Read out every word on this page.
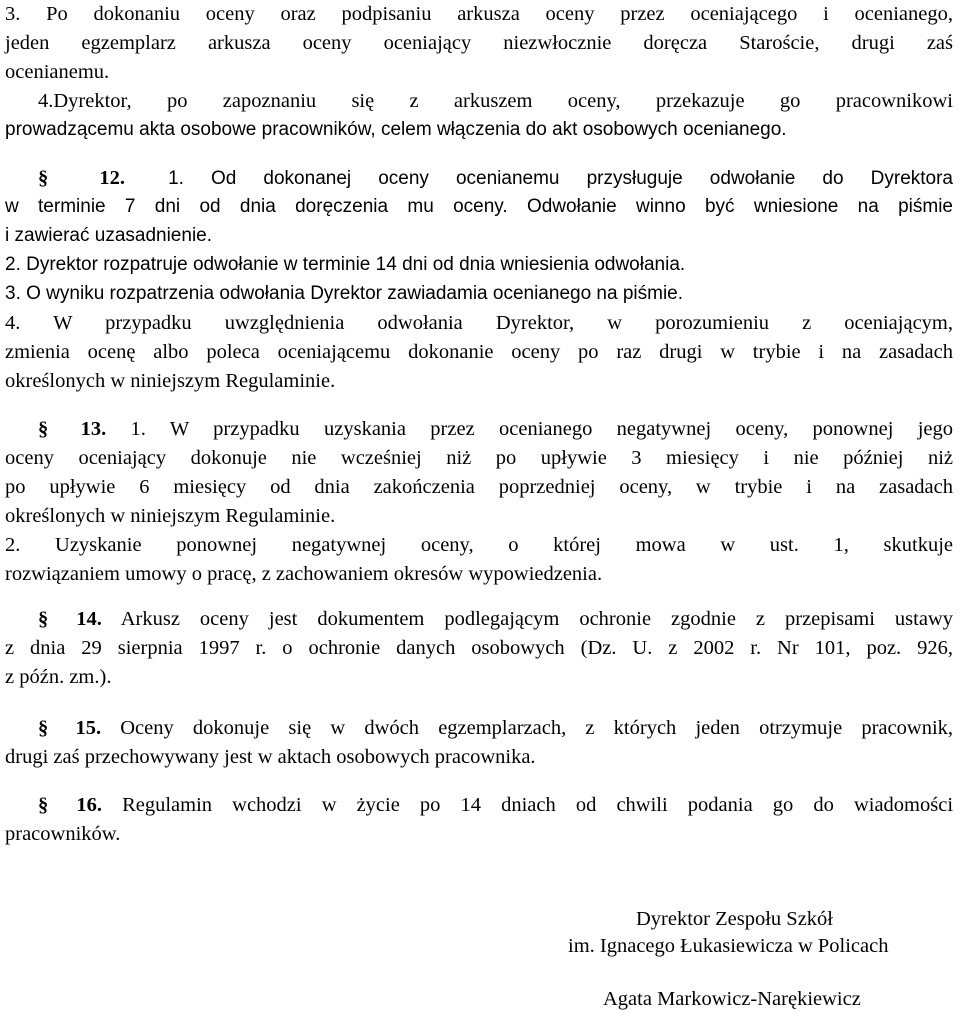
3. Po dokonaniu oceny oraz podpisaniu arkusza oceny przez oceniającego i ocenianego,
jeden egzemplarz arkusza oceny oceniający niezwłocznie doręcza Staroście, drugi zaś
ocenianemu.
4.Dyrektor, po zapoznaniu się z arkuszem oceny, przekazuje go pracownikowi
prowadzącemu akta osobowe pracowników, celem włączenia do akt osobowych ocenianego.
§ 12. 1. Od dokonanej oceny ocenianemu przysługuje odwołanie do Dyrektora
w terminie 7 dni od dnia doręczenia mu oceny. Odwołanie winno być wniesione na piśmie
i zawierać uzasadnienie.
2. Dyrektor rozpatruje odwołanie w terminie 14 dni od dnia wniesienia odwołania.
3. O wyniku rozpatrzenia odwołania Dyrektor zawiadamia ocenianego na piśmie.
4. W przypadku uwzględnienia odwołania Dyrektor, w porozumieniu z oceniającym,
zmienia ocenę albo poleca oceniającemu dokonanie oceny po raz drugi w trybie i na zasadach
określonych w niniejszym Regulaminie.
§ 13. 1. W przypadku uzyskania przez ocenianego negatywnej oceny, ponownej jego
oceny oceniający dokonuje nie wcześniej niż po upływie 3 miesięcy i nie później niż
po upływie 6 miesięcy od dnia zakończenia poprzedniej oceny, w trybie i na zasadach
określonych w niniejszym Regulaminie.
2. Uzyskanie ponownej negatywnej oceny, o której mowa w ust. 1, skutkuje
rozwiązaniem umowy o pracę, z zachowaniem okresów wypowiedzenia.
§ 14. Arkusz oceny jest dokumentem podlegającym ochronie zgodnie z przepisami ustawy
z dnia 29 sierpnia 1997 r. o ochronie danych osobowych (Dz. U. z 2002 r. Nr 101, poz. 926,
z późn. zm.).
§ 15. Oceny dokonuje się w dwóch egzemplarzach, z których jeden otrzymuje pracownik,
drugi zaś przechowywany jest w aktach osobowych pracownika.
§ 16. Regulamin wchodzi w życie po 14 dniach od chwili podania go do wiadomości
pracowników.
Dyrektor Zespołu Szkół
im. Ignacego Łukasiewicza w Policach
Agata Markowicz-Narękiewicz
